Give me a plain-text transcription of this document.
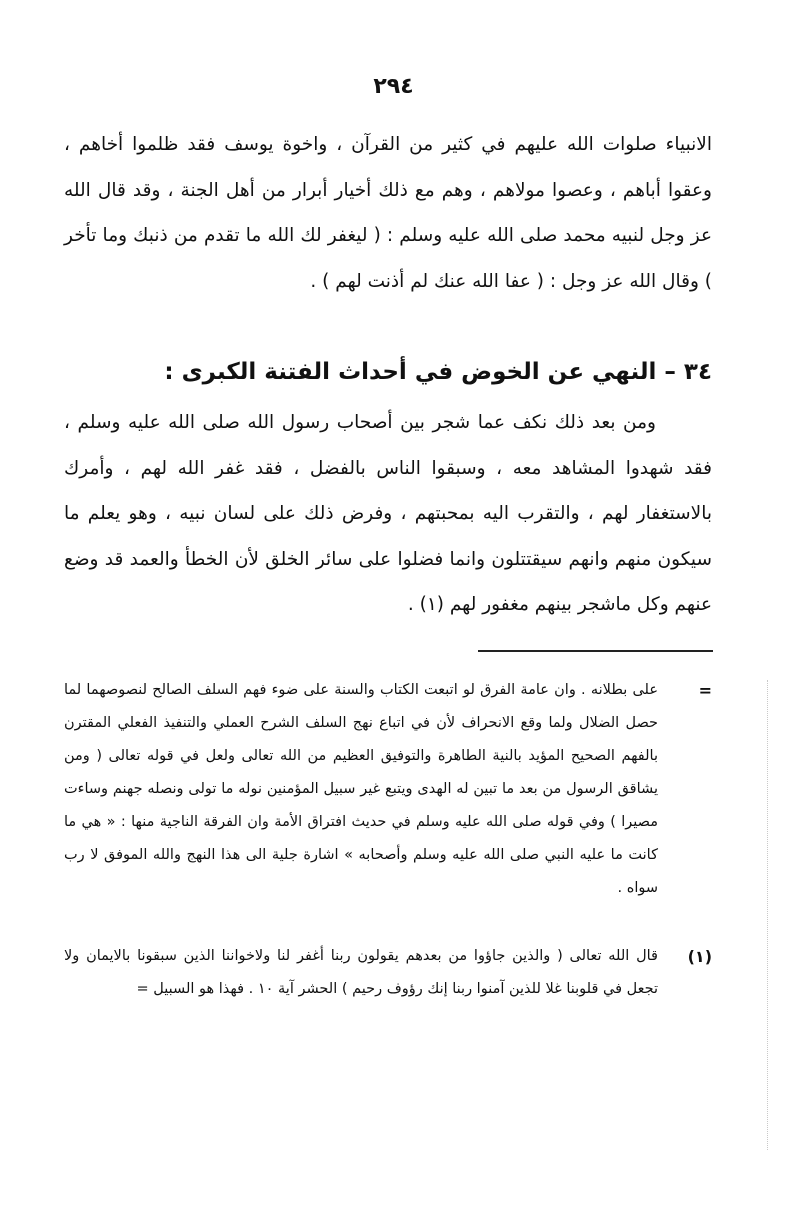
٢٩٤

الانبياء صلوات الله عليهم في كثير من القرآن ، واخوة يوسف فقد ظلموا أخاهم ، وعقوا أباهم ، وعصوا مولاهم ، وهم مع ذلك أخيار أبرار من أهل الجنة ، وقد قال الله عز وجل لنبيه محمد صلى الله عليه وسلم : ( ليغفر لك الله ما تقدم من ذنبك وما تأخر ) وقال الله عز وجل : ( عفا الله عنك لم أذنت لهم ) .

٣٤ – النهي عن الخوض في أحداث الفتنة الكبرى :

ومن بعد ذلك نكف عما شجر بين أصحاب رسول الله صلى الله عليه وسلم ، فقد شهدوا المشاهد معه ، وسبقوا الناس بالفضل ، فقد غفر الله لهم ، وأمرك بالاستغفار لهم ، والتقرب اليه بمحبتهم ، وفرض ذلك على لسان نبيه ، وهو يعلم ما سيكون منهم وانهم سيقتتلون وانما فضلوا على سائر الخلق لأن الخطأ والعمد قد وضع عنهم وكل ماشجر بينهم مغفور لهم (١) .

=
على بطلانه . وان عامة الفرق لو اتبعت الكتاب والسنة على ضوء فهم السلف الصالح لنصوصهما لما حصل الضلال ولما وقع الانحراف لأن في اتباع نهج السلف الشرح العملي والتنفيذ الفعلي المقترن بالفهم الصحيح المؤيد بالنية الطاهرة والتوفيق العظيم من الله تعالى ولعل في قوله تعالى ( ومن يشاقق الرسول من بعد ما تبين له الهدى ويتبع غير سبيل المؤمنين نوله ما تولى ونصله جهنم وساءت مصيرا ) وفي قوله صلى الله عليه وسلم في حديث افتراق الأمة وان الفرقة الناجية منها : « هي ما كانت ما عليه النبي صلى الله عليه وسلم وأصحابه » اشارة جلية الى هذا النهج والله الموفق لا رب سواه .
(١)
قال الله تعالى ( والذين جاؤوا من بعدهم يقولون ربنا أغفر لنا ولاخواننا الذين سبقونا بالايمان ولا تجعل في قلوبنا غلا للذين آمنوا ربنا إنك رؤوف رحيم ) الحشر آية ١٠ . فهذا هو السبيل =
